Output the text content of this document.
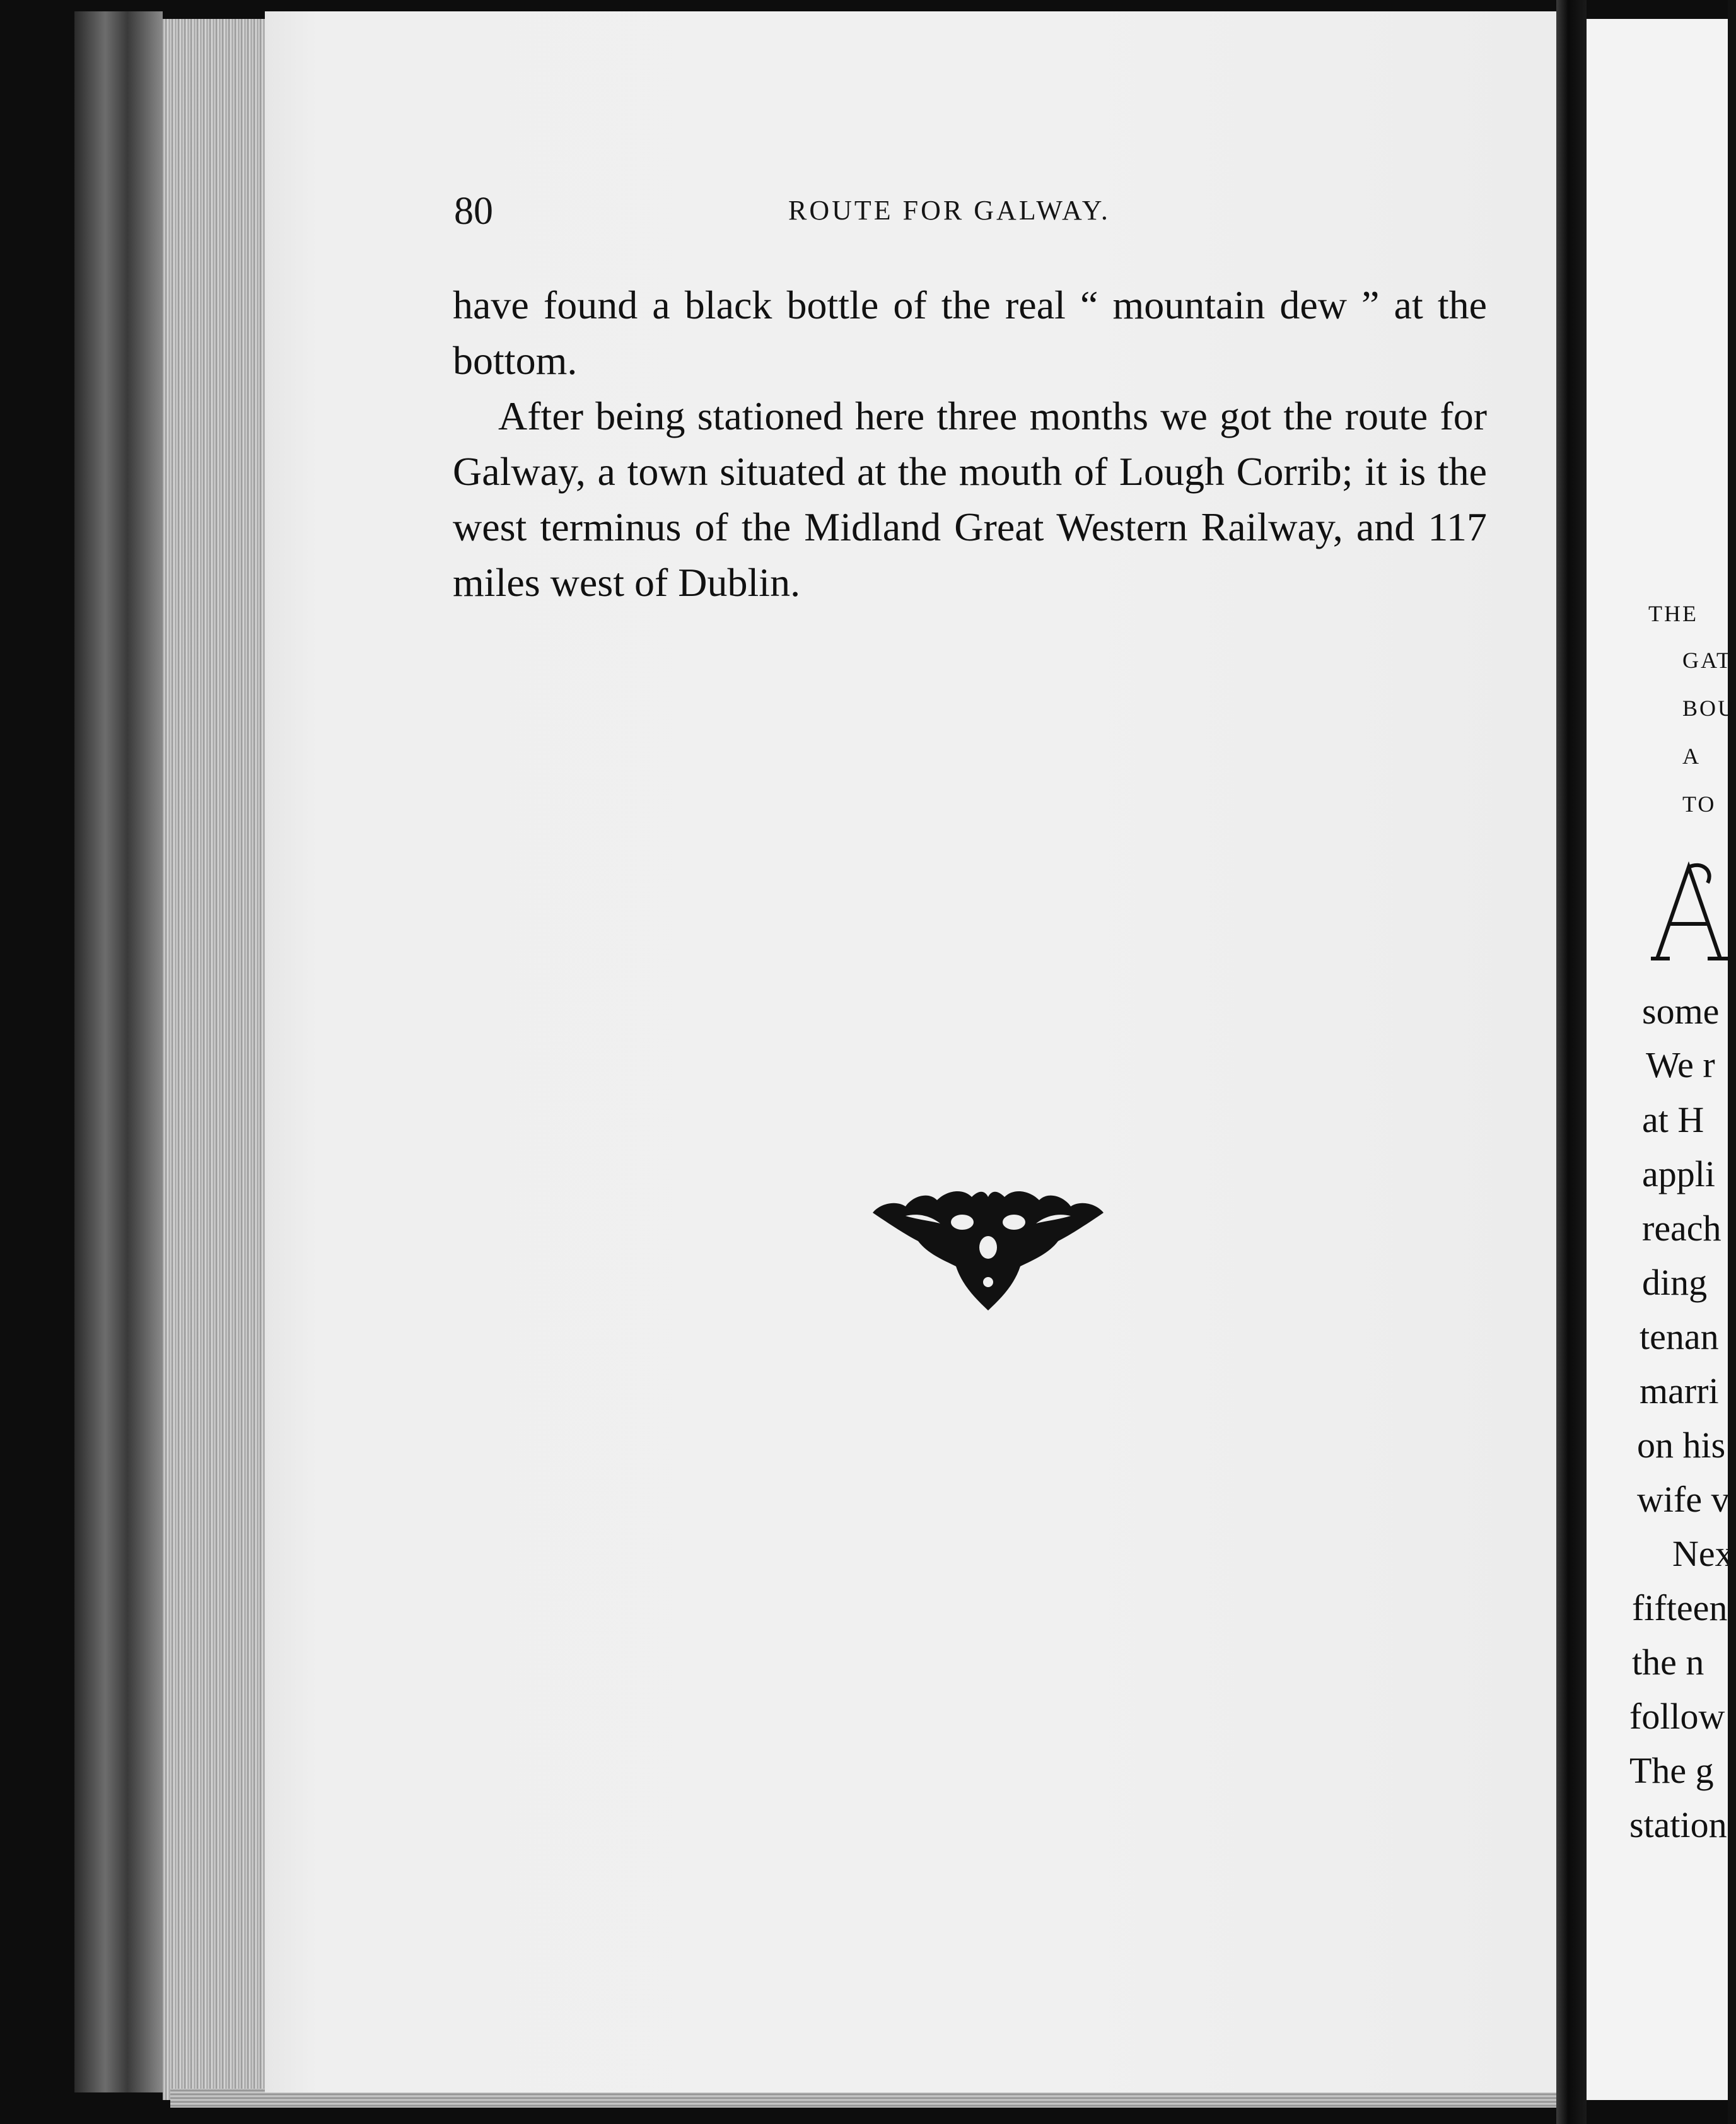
80	ROUTE FOR GALWAY.

have found a black bottle of the real “ mountain dew ” at the bottom.

After being stationed here three months we got the route for Galway, a town situated at the mouth of Lough Corrib; it is the west terminus of the Midland Great Western Railway, and 117 miles west of Dublin.

THE
GAT
BOU
A
TO
some
We r
at H
appli
reach
ding
tenan
marri
on his
wife v
Nex
fifteen
the n
follow
The g
station
